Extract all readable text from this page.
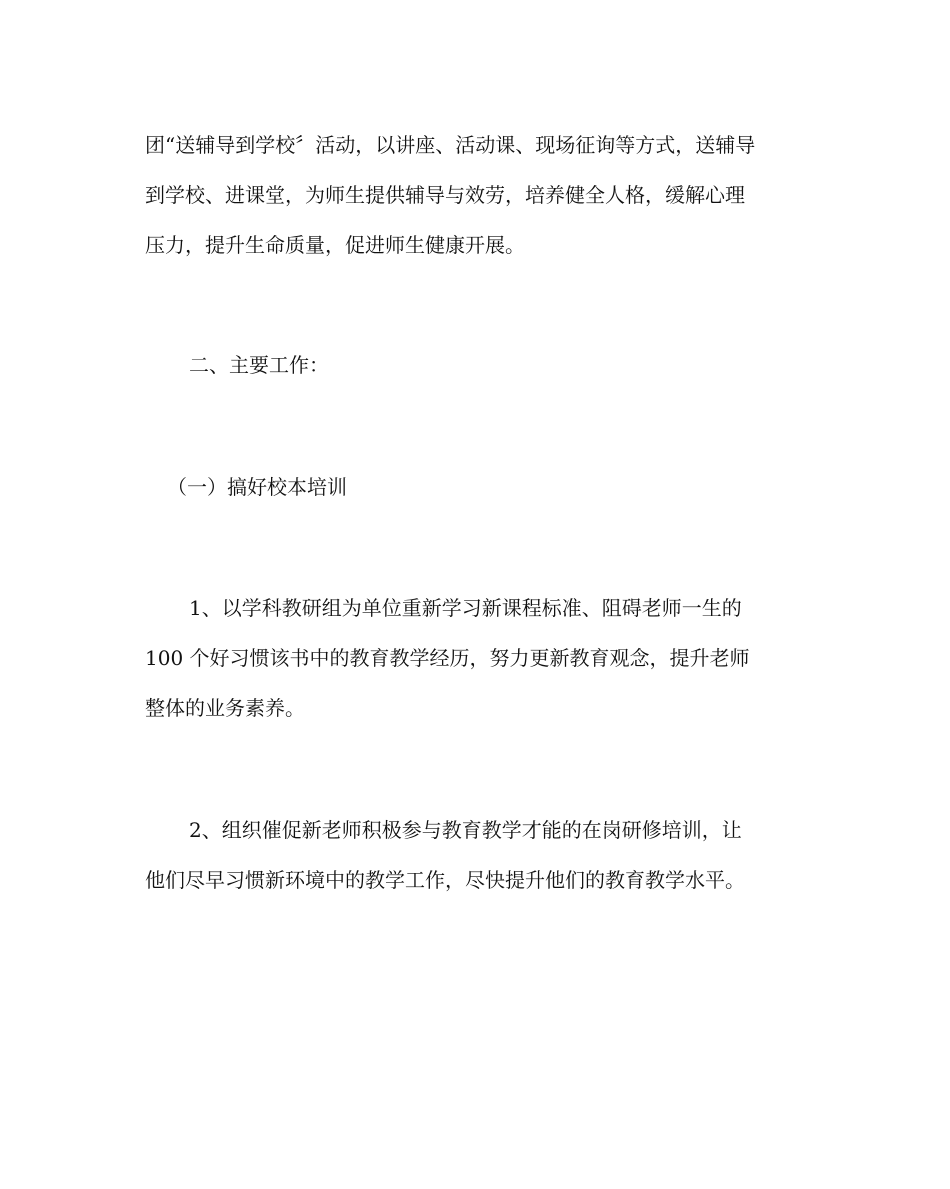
团“送辅导到学校〞活动，以讲座、活动课、现场征询等方式，送辅导
到学校、进课堂，为师生提供辅导与效劳，培养健全人格，缓解心理
压力，提升生命质量，促进师生健康开展。
二、主要工作：
（一）搞好校本培训
1、以学科教研组为单位重新学习新课程标准、阻碍老师一生的
100 个好习惯该书中的教育教学经历，努力更新教育观念，提升老师
整体的业务素养。
2、组织催促新老师积极参与教育教学才能的在岗研修培训，让
他们尽早习惯新环境中的教学工作，尽快提升他们的教育教学水平。
